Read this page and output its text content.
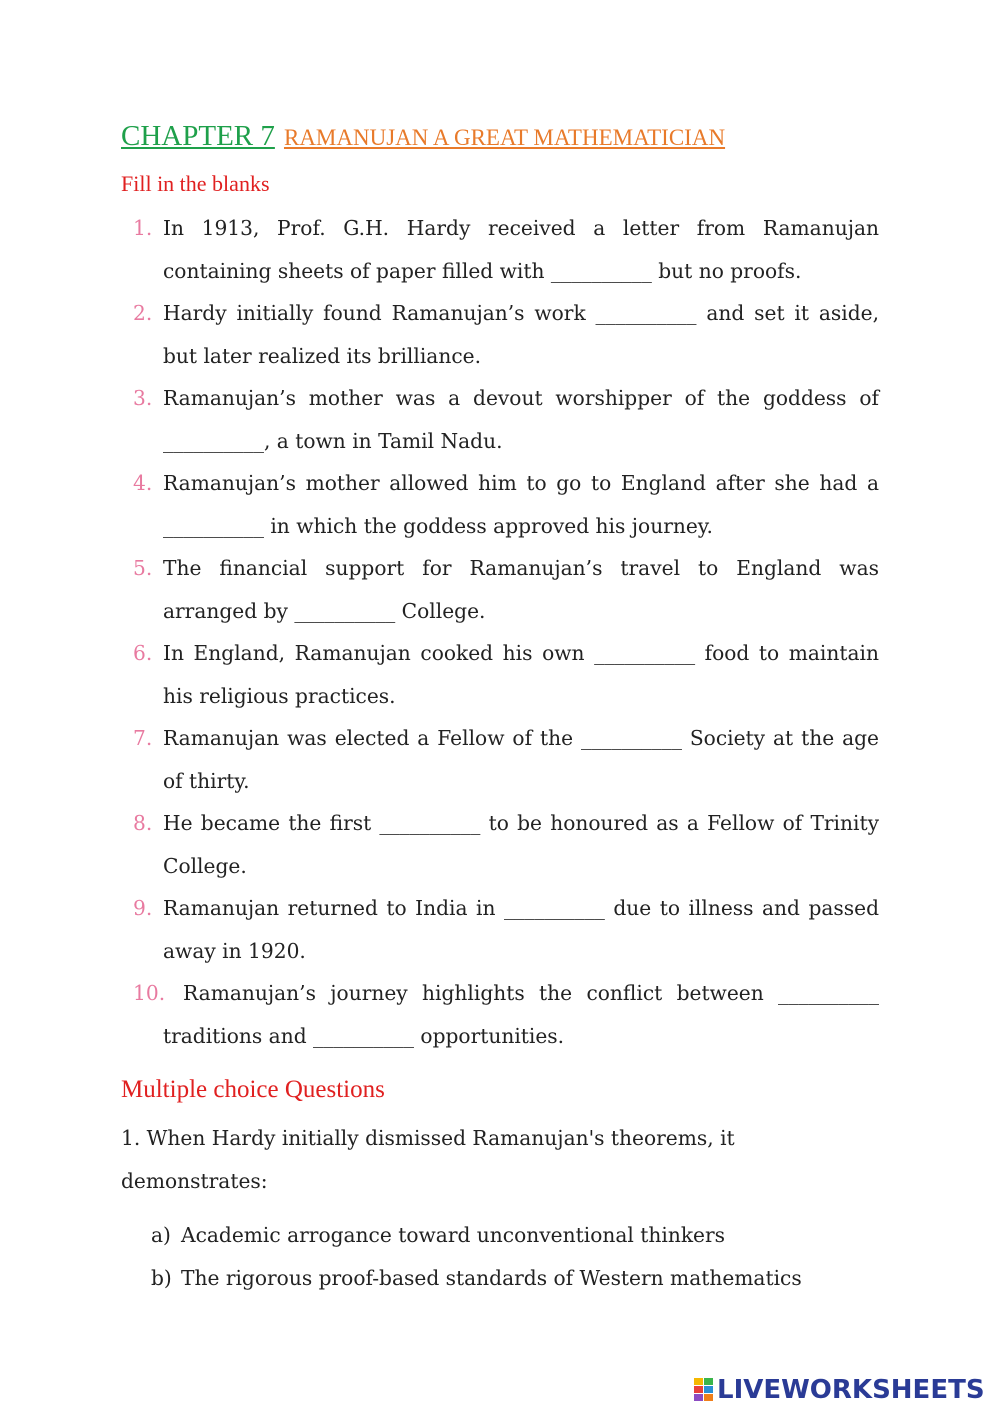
CHAPTER 7 RAMANUJAN A GREAT MATHEMATICIAN
Fill in the blanks
1. In 1913, Prof. G.H. Hardy received a letter from Ramanujan containing sheets of paper filled with __________ but no proofs.
2. Hardy initially found Ramanujan’s work __________ and set it aside, but later realized its brilliance.
3. Ramanujan’s mother was a devout worshipper of the goddess of __________, a town in Tamil Nadu.
4. Ramanujan’s mother allowed him to go to England after she had a __________ in which the goddess approved his journey.
5. The financial support for Ramanujan’s travel to England was arranged by __________ College.
6. In England, Ramanujan cooked his own __________ food to maintain his religious practices.
7. Ramanujan was elected a Fellow of the __________ Society at the age of thirty.
8. He became the first __________ to be honoured as a Fellow of Trinity College.
9. Ramanujan returned to India in __________ due to illness and passed away in 1920.
10. Ramanujan’s journey highlights the conflict between __________ traditions and __________ opportunities.
Multiple choice Questions
1. When Hardy initially dismissed Ramanujan's theorems, it demonstrates:
a) Academic arrogance toward unconventional thinkers
b) The rigorous proof-based standards of Western mathematics
LIVEWORKSHEETS
